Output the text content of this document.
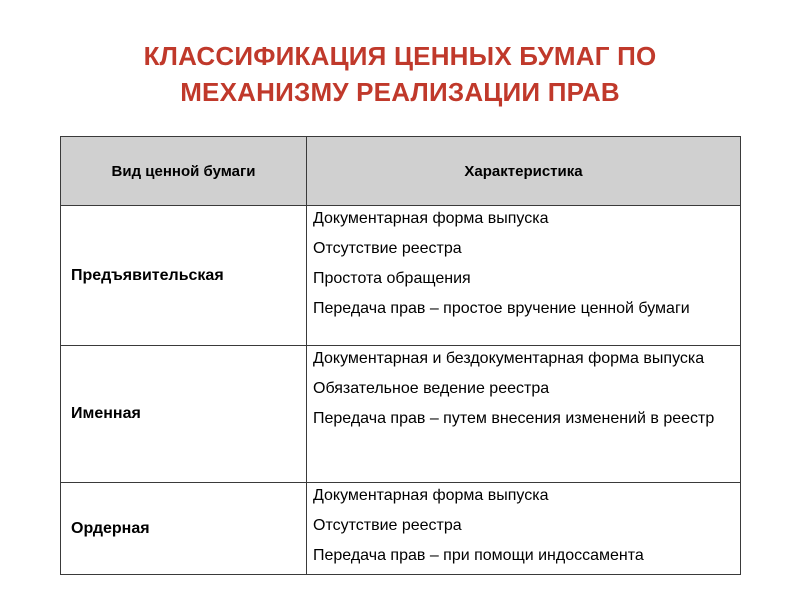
КЛАССИФИКАЦИЯ ЦЕННЫХ БУМАГ ПО
МЕХАНИЗМУ РЕАЛИЗАЦИИ ПРАВ
Вид ценной бумаги	Характеристика
Предъявительская	Документарная форма выпуска

Отсутствие реестра

Простота обращения

Передача прав – простое вручение ценной бумаги

Именная	Документарная и бездокументарная форма выпуска

Обязательное ведение реестра

Передача прав – путем внесения изменений в реестр

Ордерная	Документарная форма выпуска

Отсутствие реестра

Передача прав – при помощи индоссамента
